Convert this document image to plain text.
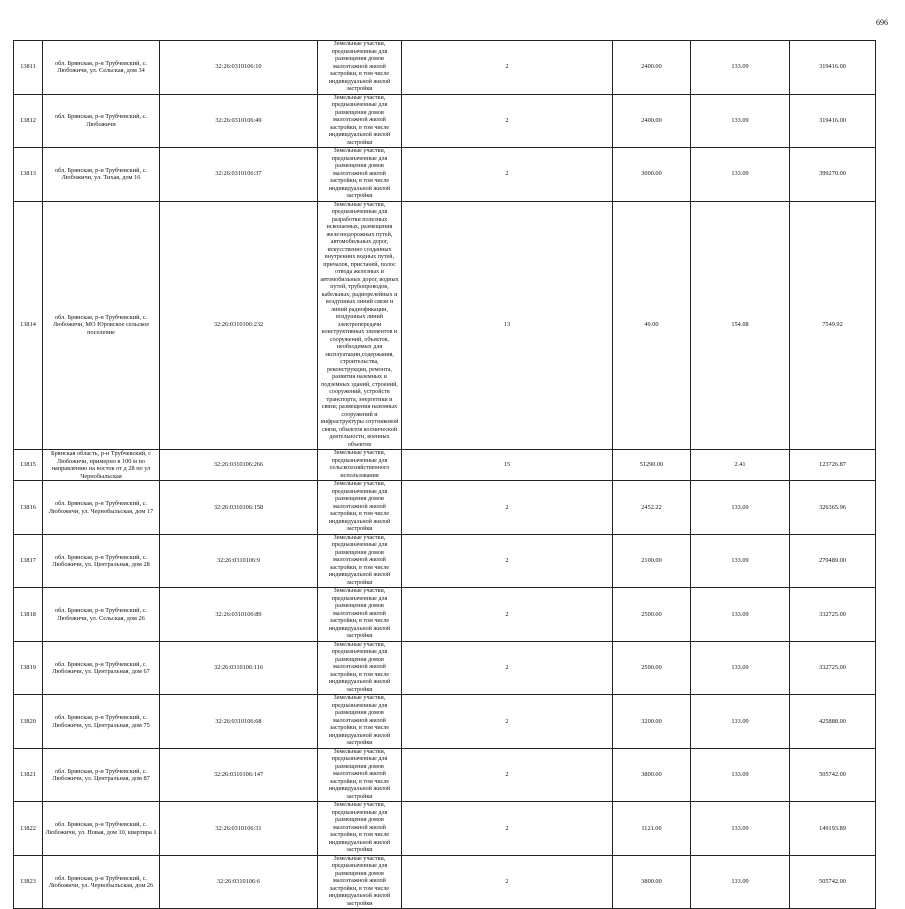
696
13811	обл. Брянская, р-н Трубчевский, с. Любожичи, ул. Сельская, дом 34	32:26:0310106:10	Земельные участки, предназначенные для размещения домов малоэтажной жилой застройки, в том числе индивидуальной жилой застройки	2	2400.00	133.09	319416.00
13812	обл. Брянская, р-н Трубчевский, с. Любожичи	32:26:0310106:49	Земельные участки, предназначенные для размещения домов малоэтажной жилой застройки, в том числе индивидуальной жилой застройки	2	2400.00	133.09	319416.00
13813	обл. Брянская, р-н Трубчевский, с. Любожичи, ул. Тихая, дом 16	32:26:0310106:37	Земельные участки, предназначенные для размещения домов малоэтажной жилой застройки, в том числе индивидуальной жилой застройки	2	3000.00	133.09	399270.00
13814	обл. Брянская, р-н Трубчевский, с. Любожичи, МО Юровское сельское поселение	32:26:0310106:232	Земельные участки, предназначенные для разработки полезных ископаемых, размещения железнодорожных путей, автомобильных дорог, искусственно созданных внутренних водных путей, причалов, пристаней, полос отвода железных и автомобильных дорог, водных путей, трубопроводов, кабельных, радиорелейных и воздушных линий связи и линий радиофикации, воздушных линий электропередачи конструктивных элементов и сооружений, объектов, необходимых для эксплуатации,содержания, строительства, реконструкции, ремонта, развития наземных и подземных зданий, строений, сооружений, устройств транспорта, энергетики и связи; размещения наземных сооружений и инфраструктуры спутниковой связи, объектов космической деятельности, военных объектов	13	49.00	154.08	7549.92
13815	Брянская область, р-н Трубчевский, с Любожичи, примерно в 100 м по направлению на восток от д 28 по ул Чернобыльская	32:26:0310106:266	Земельные участки, предназначенные для сельскохозяйственного использования	15	51290.00	2.41	123726.87
13816	обл. Брянская, р-н Трубчевский, с. Любожичи, ул. Чернобыльская, дом 17	32:26:0310106:158	Земельные участки, предназначенные для размещения домов малоэтажной жилой застройки, в том числе индивидуальной жилой застройки	2	2452.22	133.09	326365.96
13817	обл. Брянская, р-н Трубчевский, с. Любожичи, ул. Центральная, дом 28	32:26:0310106:9	Земельные участки, предназначенные для размещения домов малоэтажной жилой застройки, в том числе индивидуальной жилой застройки	2	2100.00	133.09	279489.00
13818	обл. Брянская, р-н Трубчевский, с. Любожичи, ул. Сельская, дом 26	32:26:0310106:89	Земельные участки, предназначенные для размещения домов малоэтажной жилой застройки, в том числе индивидуальной жилой застройки	2	2500.00	133.09	332725.00
13819	обл. Брянская, р-н Трубчевский, с. Любожичи, ул. Центральная, дом 67	32:26:0310106:116	Земельные участки, предназначенные для размещения домов малоэтажной жилой застройки, в том числе индивидуальной жилой застройки	2	2500.00	133.09	332725.00
13820	обл. Брянская, р-н Трубчевский, с. Любожичи, ул. Центральная, дом 75	32:26:0310106:68	Земельные участки, предназначенные для размещения домов малоэтажной жилой застройки, в том числе индивидуальной жилой застройки	2	3200.00	133.09	425888.00
13821	обл. Брянская, р-н Трубчевский, с. Любожичи, ул. Центральная, дом 87	32:26:0310106:147	Земельные участки, предназначенные для размещения домов малоэтажной жилой застройки, в том числе индивидуальной жилой застройки	2	3800.00	133.09	505742.00
13822	обл. Брянская, р-н Трубчевский, с. Любожичи, ул. Новая, дом 10, квартира 1	32:26:0310106:31	Земельные участки, предназначенные для размещения домов малоэтажной жилой застройки, в том числе индивидуальной жилой застройки	2	1121.00	133.09	149193.89
13823	обл. Брянская, р-н Трубчевский, с. Любожичи, ул. Чернобыльская, дом 26	32:26:0310106:6	Земельные участки, предназначенные для размещения домов малоэтажной жилой застройки, в том числе индивидуальной жилой застройки	2	3800.00	133.09	505742.00
